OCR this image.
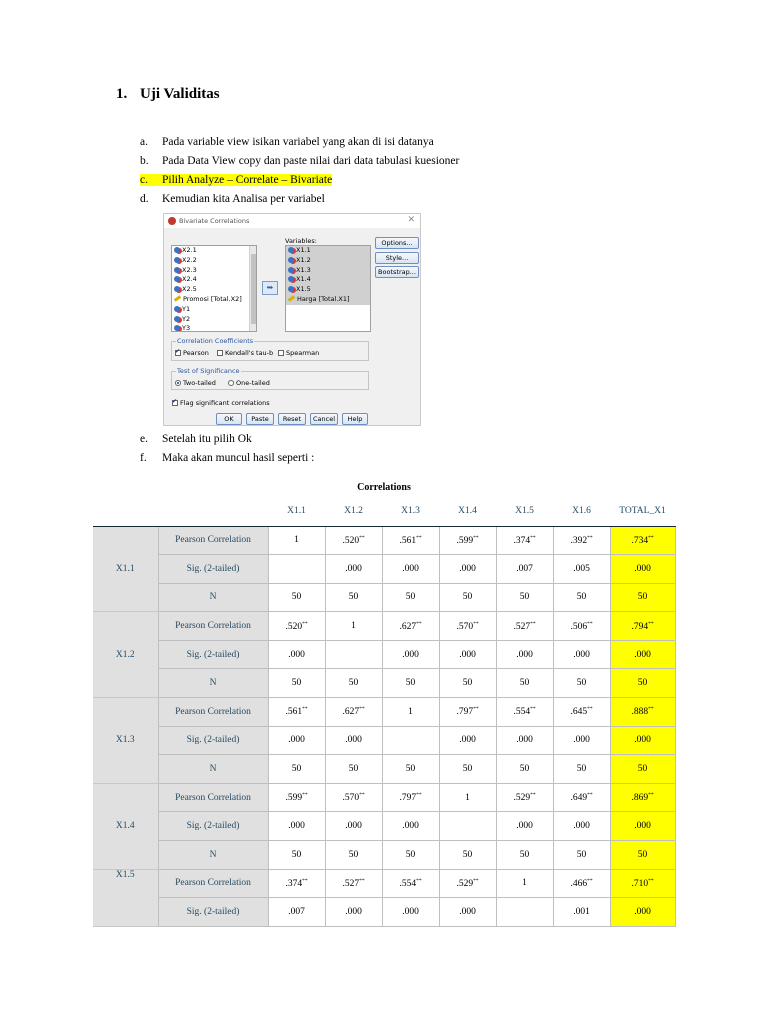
1. Uji Validitas
a. Pada variable view isikan variabel yang akan di isi datanya
b. Pada Data View copy dan paste nilai dari data tabulasi kuesioner
c. Pilih Analyze – Correlate – Bivariate
d. Kemudian kita Analisa per variabel
e. Setelah itu pilih Ok
f. Maka akan muncul hasil seperti :
Bivariate Correlations	✕
X2.1
X2.2
X2.3
X2.4
X2.5
Promosi [Total.X2]
Y1
Y2
Y3
➥
Variables:
X1.1
X1.2
X1.3
X1.4
X1.5
Harga [Total.X1]
Options...
Style...
Bootstrap...
Correlation Coefficients
✔Pearson	Kendall's tau-b	Spearman
Test of Significance
Two-tailed	One-tailed
✔Flag significant correlations
OK	Paste	Reset	Cancel	Help
Correlations
		X1.1	X1.2	X1.3	X1.4	X1.5	X1.6	TOTAL_X1
X1.1	Pearson Correlation	1	.520**	.561**	.599**	.374**	.392**	.734**
	Sig. (2-tailed)		.000	.000	.000	.007	.005	.000
	N	50	50	50	50	50	50	50
X1.2	Pearson Correlation	.520**	1	.627**	.570**	.527**	.506**	.794**
	Sig. (2-tailed)	.000		.000	.000	.000	.000	.000
	N	50	50	50	50	50	50	50
X1.3	Pearson Correlation	.561**	.627**	1	.797**	.554**	.645**	.888**
	Sig. (2-tailed)	.000	.000		.000	.000	.000	.000
	N	50	50	50	50	50	50	50
X1.4	Pearson Correlation	.599**	.570**	.797**	1	.529**	.649**	.869**
	Sig. (2-tailed)	.000	.000	.000		.000	.000	.000
	N	50	50	50	50	50	50	50
X1.5	Pearson Correlation	.374**	.527**	.554**	.529**	1	.466**	.710**
	Sig. (2-tailed)	.007	.000	.000	.000		.001	.000
